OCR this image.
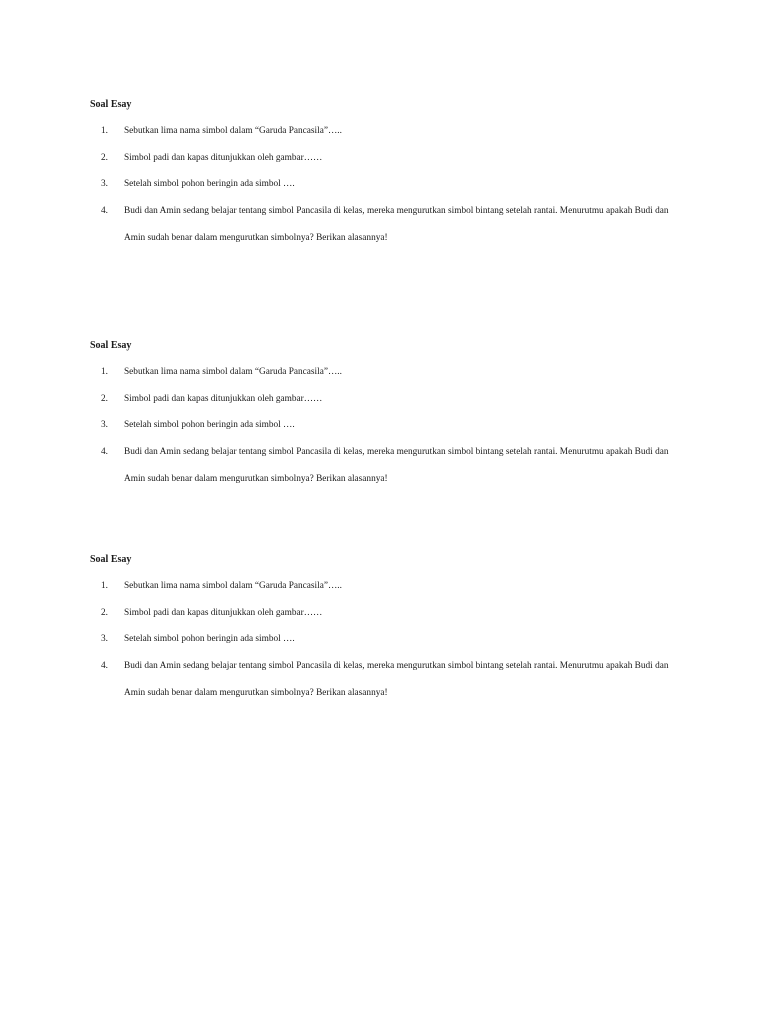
Soal Esay

1. Sebutkan lima nama simbol dalam “Garuda Pancasila”…..
2. Simbol padi dan kapas ditunjukkan oleh gambar……
3. Setelah simbol pohon beringin ada simbol ….
4. Budi dan Amin sedang belajar tentang simbol Pancasila di kelas, mereka mengurutkan simbol bintang setelah rantai. Menurutmu apakah Budi dan Amin sudah benar dalam mengurutkan simbolnya? Berikan alasannya!

Soal Esay

1. Sebutkan lima nama simbol dalam “Garuda Pancasila”…..
2. Simbol padi dan kapas ditunjukkan oleh gambar……
3. Setelah simbol pohon beringin ada simbol ….
4. Budi dan Amin sedang belajar tentang simbol Pancasila di kelas, mereka mengurutkan simbol bintang setelah rantai. Menurutmu apakah Budi dan Amin sudah benar dalam mengurutkan simbolnya? Berikan alasannya!

Soal Esay

1. Sebutkan lima nama simbol dalam “Garuda Pancasila”…..
2. Simbol padi dan kapas ditunjukkan oleh gambar……
3. Setelah simbol pohon beringin ada simbol ….
4. Budi dan Amin sedang belajar tentang simbol Pancasila di kelas, mereka mengurutkan simbol bintang setelah rantai. Menurutmu apakah Budi dan Amin sudah benar dalam mengurutkan simbolnya? Berikan alasannya!
